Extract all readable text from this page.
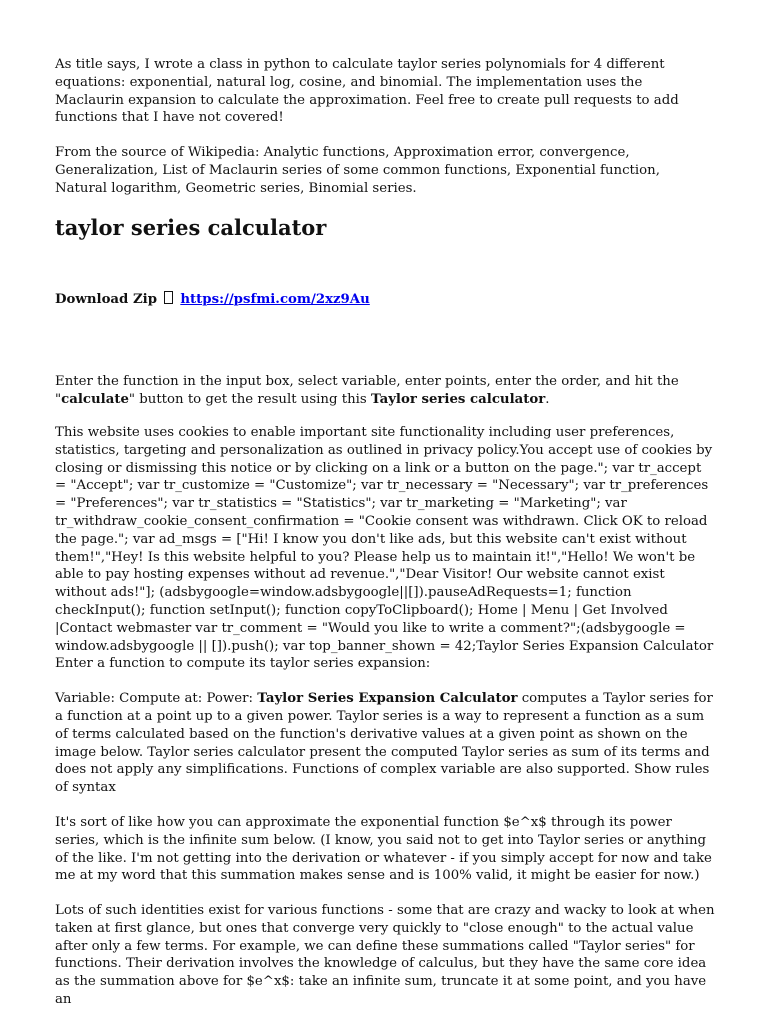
As title says, I wrote a class in python to calculate taylor series polynomials for 4 different equations: exponential, natural log, cosine, and binomial. The implementation uses the Maclaurin expansion to calculate the approximation. Feel free to create pull requests to add functions that I have not covered!

From the source of Wikipedia: Analytic functions, Approximation error, convergence, Generalization, List of Maclaurin series of some common functions, Exponential function, Natural logarithm, Geometric series, Binomial series.

taylor series calculator

Download Zip https://psfmi.com/2xz9Au

Enter the function in the input box, select variable, enter points, enter the order, and hit the "calculate" button to get the result using this Taylor series calculator.

This website uses cookies to enable important site functionality including user preferences, statistics, targeting and personalization as outlined in privacy policy.You accept use of cookies by closing or dismissing this notice or by clicking on a link or a button on the page."; var tr_accept = "Accept"; var tr_customize = "Customize"; var tr_necessary = "Necessary"; var tr_preferences = "Preferences"; var tr_statistics = "Statistics"; var tr_marketing = "Marketing"; var tr_withdraw_cookie_consent_confirmation = "Cookie consent was withdrawn. Click OK to reload the page."; var ad_msgs = ["Hi! I know you don't like ads, but this website can't exist without them!","Hey! Is this website helpful to you? Please help us to maintain it!","Hello! We won't be able to pay hosting expenses without ad revenue.","Dear Visitor! Our website cannot exist without ads!"]; (adsbygoogle=window.adsbygoogle||[]).pauseAdRequests=1; function checkInput(); function setInput(); function copyToClipboard(); Home | Menu | Get Involved |Contact webmaster var tr_comment = "Would you like to write a comment?";(adsbygoogle = window.adsbygoogle || []).push(); var top_banner_shown = 42;Taylor Series Expansion Calculator Enter a function to compute its taylor series expansion:

Variable: Compute at: Power: Taylor Series Expansion Calculator computes a Taylor series for a function at a point up to a given power. Taylor series is a way to represent a function as a sum of terms calculated based on the function's derivative values at a given point as shown on the image below. Taylor series calculator present the computed Taylor series as sum of its terms and does not apply any simplifications. Functions of complex variable are also supported. Show rules of syntax

It's sort of like how you can approximate the exponential function $e^x$ through its power series, which is the infinite sum below. (I know, you said not to get into Taylor series or anything of the like. I'm not getting into the derivation or whatever - if you simply accept for now and take me at my word that this summation makes sense and is 100% valid, it might be easier for now.)

Lots of such identities exist for various functions - some that are crazy and wacky to look at when taken at first glance, but ones that converge very quickly to "close enough" to the actual value after only a few terms. For example, we can define these summations called "Taylor series" for functions. Their derivation involves the knowledge of calculus, but they have the same core idea as the summation above for $e^x$: take an infinite sum, truncate it at some point, and you have an
